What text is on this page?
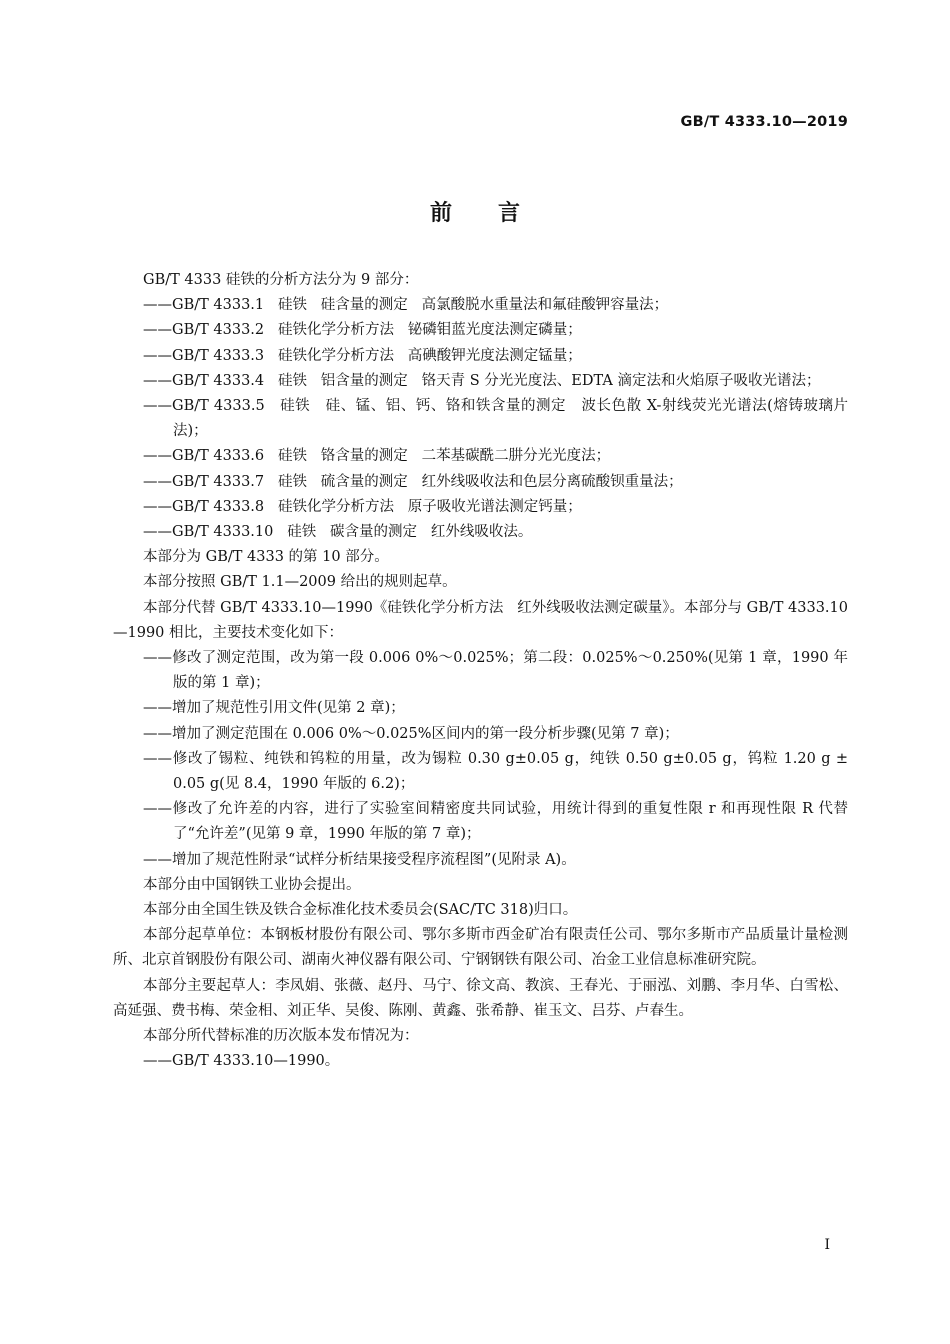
GB/T 4333.10—2019
前 言
GB/T 4333 硅铁的分析方法分为 9 部分：
——GB/T 4333.1   硅铁   硅含量的测定   高氯酸脱水重量法和氟硅酸钾容量法；
——GB/T 4333.2   硅铁化学分析方法   铋磷钼蓝光度法测定磷量；
——GB/T 4333.3   硅铁化学分析方法   高碘酸钾光度法测定锰量；
——GB/T 4333.4   硅铁   铝含量的测定   铬天青 S 分光光度法、EDTA 滴定法和火焰原子吸收光谱法；
——GB/T 4333.5   硅铁   硅、锰、铝、钙、铬和铁含量的测定   波长色散 X-射线荧光光谱法(熔铸玻璃片法)；
——GB/T 4333.6   硅铁   铬含量的测定   二苯基碳酰二肼分光光度法；
——GB/T 4333.7   硅铁   硫含量的测定   红外线吸收法和色层分离硫酸钡重量法；
——GB/T 4333.8   硅铁化学分析方法   原子吸收光谱法测定钙量；
——GB/T 4333.10   硅铁   碳含量的测定   红外线吸收法。
本部分为 GB/T 4333 的第 10 部分。
本部分按照 GB/T 1.1—2009 给出的规则起草。
本部分代替 GB/T 4333.10—1990《硅铁化学分析方法   红外线吸收法测定碳量》。本部分与 GB/T 4333.10—1990 相比，主要技术变化如下：
——修改了测定范围，改为第一段 0.006 0%～0.025%；第二段：0.025%～0.250%(见第 1 章，1990 年版的第 1 章)；
——增加了规范性引用文件(见第 2 章)；
——增加了测定范围在 0.006 0%～0.025%区间内的第一段分析步骤(见第 7 章)；
——修改了锡粒、纯铁和钨粒的用量，改为锡粒 0.30 g±0.05 g，纯铁 0.50 g±0.05 g，钨粒 1.20 g ± 0.05 g(见 8.4，1990 年版的 6.2)；
——修改了允许差的内容，进行了实验室间精密度共同试验，用统计得到的重复性限 r 和再现性限 R 代替了“允许差”(见第 9 章，1990 年版的第 7 章)；
——增加了规范性附录“试样分析结果接受程序流程图”(见附录 A)。
本部分由中国钢铁工业协会提出。
本部分由全国生铁及铁合金标准化技术委员会(SAC/TC 318)归口。
本部分起草单位：本钢板材股份有限公司、鄂尔多斯市西金矿冶有限责任公司、鄂尔多斯市产品质量计量检测所、北京首钢股份有限公司、湖南火神仪器有限公司、宁钢钢铁有限公司、冶金工业信息标准研究院。
本部分主要起草人：李凤娟、张薇、赵丹、马宁、徐文高、教滨、王春光、于丽泓、刘鹏、李月华、白雪松、高延强、费书梅、荣金相、刘正华、吴俊、陈刚、黄鑫、张希静、崔玉文、吕芬、卢春生。
本部分所代替标准的历次版本发布情况为：
——GB/T 4333.10—1990。
I
